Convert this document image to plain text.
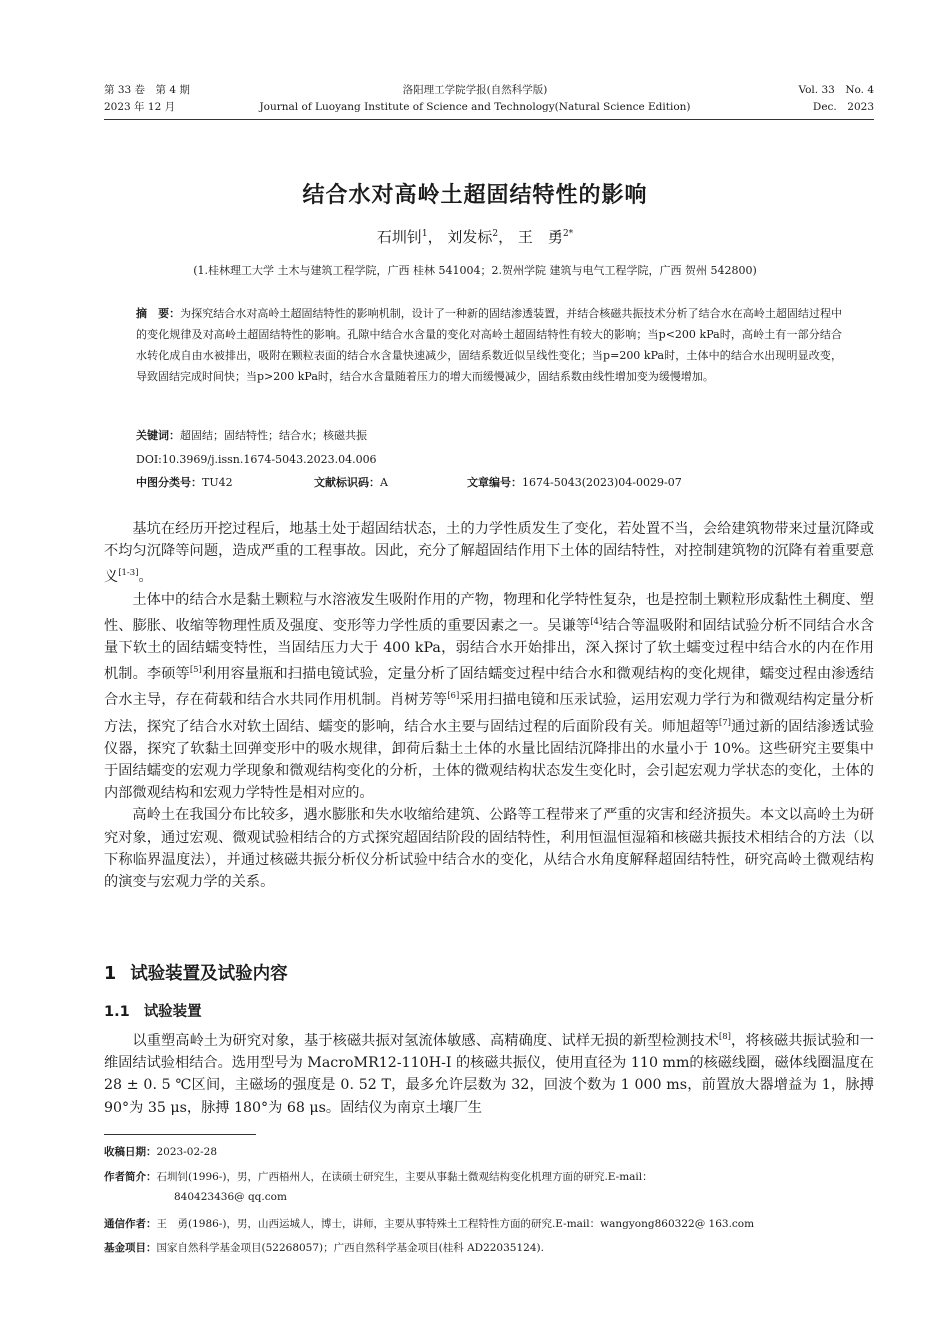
第 33 卷　第 4 期
2023 年 12 月
洛阳理工学院学报(自然科学版)
Journal of Luoyang Institute of Science and Technology(Natural Science Edition)
Vol. 33　No. 4
Dec.　2023
结合水对高岭土超固结特性的影响
石圳钊$^1$， 刘发标$^2$， 王　勇$^{2*}$
(1.桂林理工大学 土木与建筑工程学院，广西 桂林 541004；2.贺州学院 建筑与电气工程学院，广西 贺州 542800)
摘　要：为探究结合水对高岭土超固结特性的影响机制，设计了一种新的固结渗透装置，并结合核磁共振技术分析了结合水在高岭土超固结过程中的变化规律及对高岭土超固结特性的影响。孔隙中结合水含量的变化对高岭土超固结特性有较大的影响；当p<200 kPa时，高岭土有一部分结合水转化成自由水被排出，吸附在颗粒表面的结合水含量快速减少，固结系数近似呈线性变化；当p=200 kPa时，土体中的结合水出现明显改变，导致固结完成时间快；当p>200 kPa时，结合水含量随着压力的增大而缓慢减少，固结系数由线性增加变为缓慢增加。
关键词：超固结；固结特性；结合水；核磁共振
DOI:10.3969/j.issn.1674-5043.2023.04.006
中图分类号：TU42	文献标识码：A	文章编号：1674-5043(2023)04-0029-07

基坑在经历开挖过程后，地基土处于超固结状态，土的力学性质发生了变化，若处置不当，会给建筑物带来过量沉降或不均匀沉降等问题，造成严重的工程事故。因此，充分了解超固结作用下土体的固结特性，对控制建筑物的沉降有着重要意义[1-3]。

土体中的结合水是黏土颗粒与水溶液发生吸附作用的产物，物理和化学特性复杂，也是控制土颗粒形成黏性土稠度、塑性、膨胀、收缩等物理性质及强度、变形等力学性质的重要因素之一。吴谦等[4]结合等温吸附和固结试验分析不同结合水含量下软土的固结蠕变特性，当固结压力大于 400 kPa，弱结合水开始排出，深入探讨了软土蠕变过程中结合水的内在作用机制。李硕等[5]利用容量瓶和扫描电镜试验，定量分析了固结蠕变过程中结合水和微观结构的变化规律，蠕变过程由渗透结合水主导，存在荷载和结合水共同作用机制。肖树芳等[6]采用扫描电镜和压汞试验，运用宏观力学行为和微观结构定量分析方法，探究了结合水对软土固结、蠕变的影响，结合水主要与固结过程的后面阶段有关。师旭超等[7]通过新的固结渗透试验仪器，探究了软黏土回弹变形中的吸水规律，卸荷后黏土土体的水量比固结沉降排出的水量小于 10%。这些研究主要集中于固结蠕变的宏观力学现象和微观结构变化的分析，土体的微观结构状态发生变化时，会引起宏观力学状态的变化，土体的内部微观结构和宏观力学特性是相对应的。

高岭土在我国分布比较多，遇水膨胀和失水收缩给建筑、公路等工程带来了严重的灾害和经济损失。本文以高岭土为研究对象，通过宏观、微观试验相结合的方式探究超固结阶段的固结特性，利用恒温恒湿箱和核磁共振技术相结合的方法（以下称临界温度法），并通过核磁共振分析仪分析试验中结合水的变化，从结合水角度解释超固结特性，研究高岭土微观结构的演变与宏观力学的关系。

1 试验装置及试验内容
1.1 试验装置

以重塑高岭土为研究对象，基于核磁共振对氢流体敏感、高精确度、试样无损的新型检测技术[8]，将核磁共振试验和一维固结试验相结合。选用型号为 MacroMR12-110H-I 的核磁共振仪，使用直径为 110 mm的核磁线圈，磁体线圈温度在 28 ± 0. 5 ℃区间，主磁场的强度是 0. 52 T，最多允许层数为 32，回波个数为 1 000 ms，前置放大器增益为 1，脉搏 90°为 35 μs，脉搏 180°为 68 μs。固结仪为南京土壤厂生

收稿日期：2023-02-28
作者简介：石圳钊(1996-)，男，广西梧州人，在读硕士研究生，主要从事黏土微观结构变化机理方面的研究.E-mail：
840423436@ qq.com
通信作者：王　勇(1986-)，男，山西运城人，博士，讲师，主要从事特殊土工程特性方面的研究.E-mail：wangyong860322@ 163.com
基金项目：国家自然科学基金项目(52268057)；广西自然科学基金项目(桂科 AD22035124).
